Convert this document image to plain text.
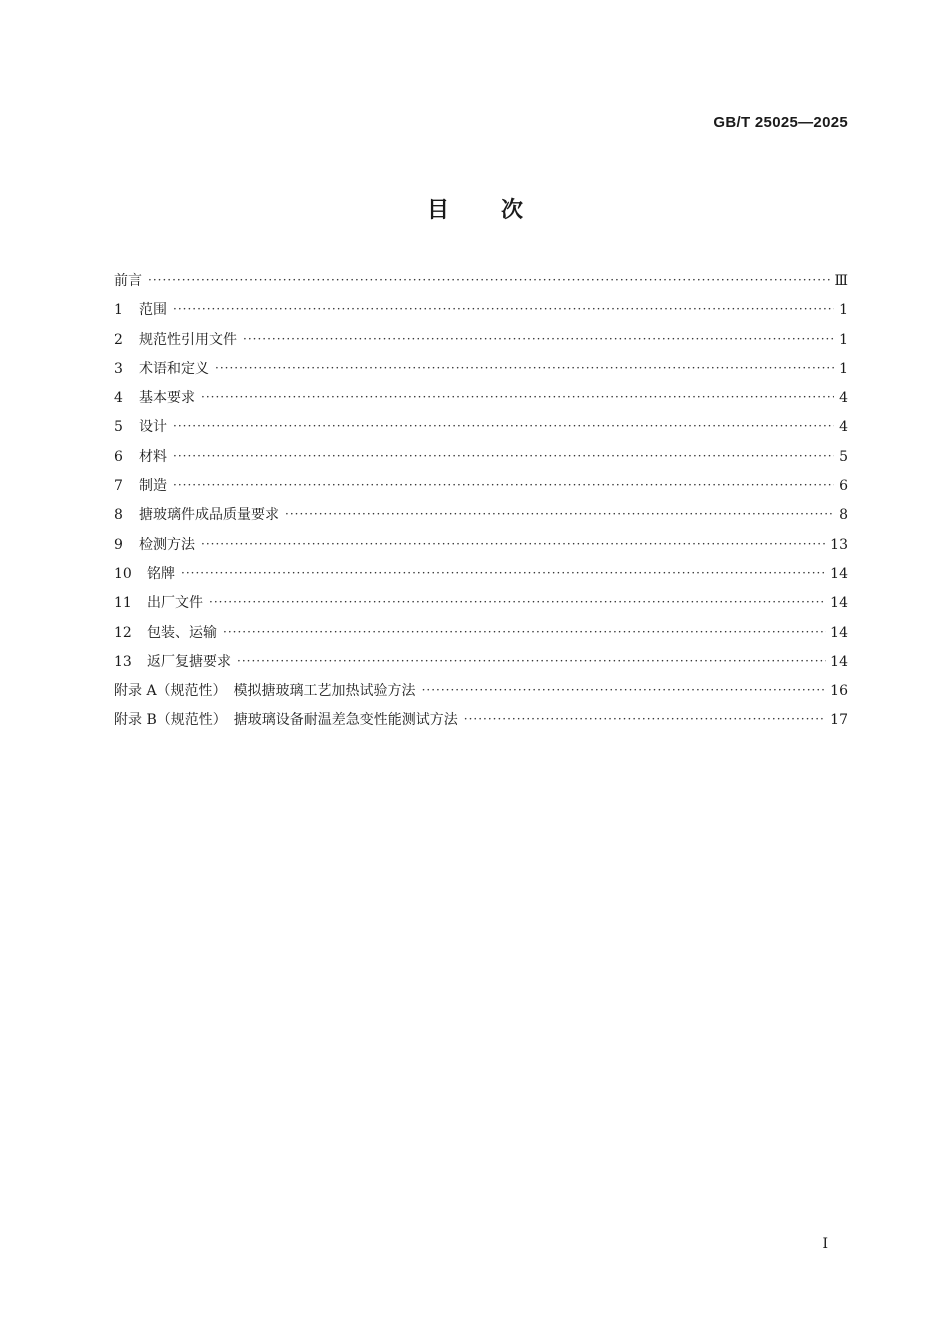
GB/T 25025—2025
目次
前言 ·····	Ⅲ
1	范围 ·····	1
2	规范性引用文件 ·····	1
3	术语和定义 ·····	1
4	基本要求 ·····	4
5	设计 ·····	4
6	材料 ·····	5
7	制造 ·····	6
8	搪玻璃件成品质量要求 ·····	8
9	检测方法 ·····	13
10	铭牌 ·····	14
11	出厂文件 ·····	14
12	包装、运输 ·····	14
13	返厂复搪要求 ·····	14
附录 A（规范性）　模拟搪玻璃工艺加热试验方法 ·····	16
附录 B（规范性）　搪玻璃设备耐温差急变性能测试方法 ·····	17
Ⅰ
